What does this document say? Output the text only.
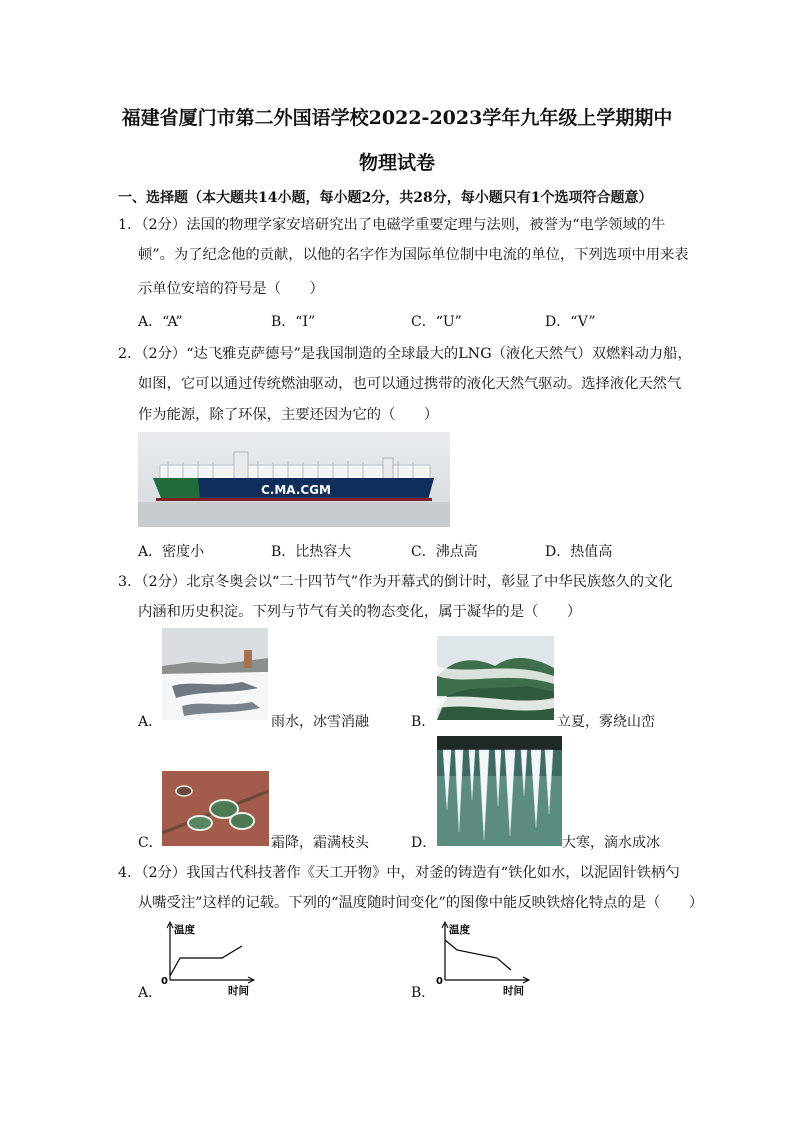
福建省厦门市第二外国语学校2022-2023学年九年级上学期期中
物理试卷
一、选择题（本大题共14小题，每小题2分，共28分，每小题只有1个选项符合题意）
1．（2分）法国的物理学家安培研究出了电磁学重要定理与法则，被誉为“电学领域的牛
顿”。为了纪念他的贡献，以他的名字作为国际单位制中电流的单位，下列选项中用来表
示单位安培的符号是（　　）
A．“A”	B．“I”	C．“U”	D．“V”
2．（2分）“达飞雅克萨德号”是我国制造的全球最大的LNG（液化天然气）双燃料动力船，
如图，它可以通过传统燃油驱动，也可以通过携带的液化天然气驱动。选择液化天然气
作为能源，除了环保，主要还因为它的（　　）
C.MA.CGM
A．密度小	B．比热容大	C．沸点高	D．热值高
3．（2分）北京冬奥会以“二十四节气”作为开幕式的倒计时，彰显了中华民族悠久的文化
内涵和历史积淀。下列与节气有关的物态变化，属于凝华的是（　　）
A．	雨水，冰雪消融	B．	立夏，雾绕山峦
C．	霜降，霜满枝头	D．	大寒，滴水成冰
4．（2分）我国古代科技著作《天工开物》中，对釜的铸造有“铁化如水，以泥固针铁柄勺
从嘴受注”这样的记载。下列的“温度随时间变化”的图像中能反映铁熔化特点的是（　　）
温度
时间
0
A．
温度
时间
0
B．
